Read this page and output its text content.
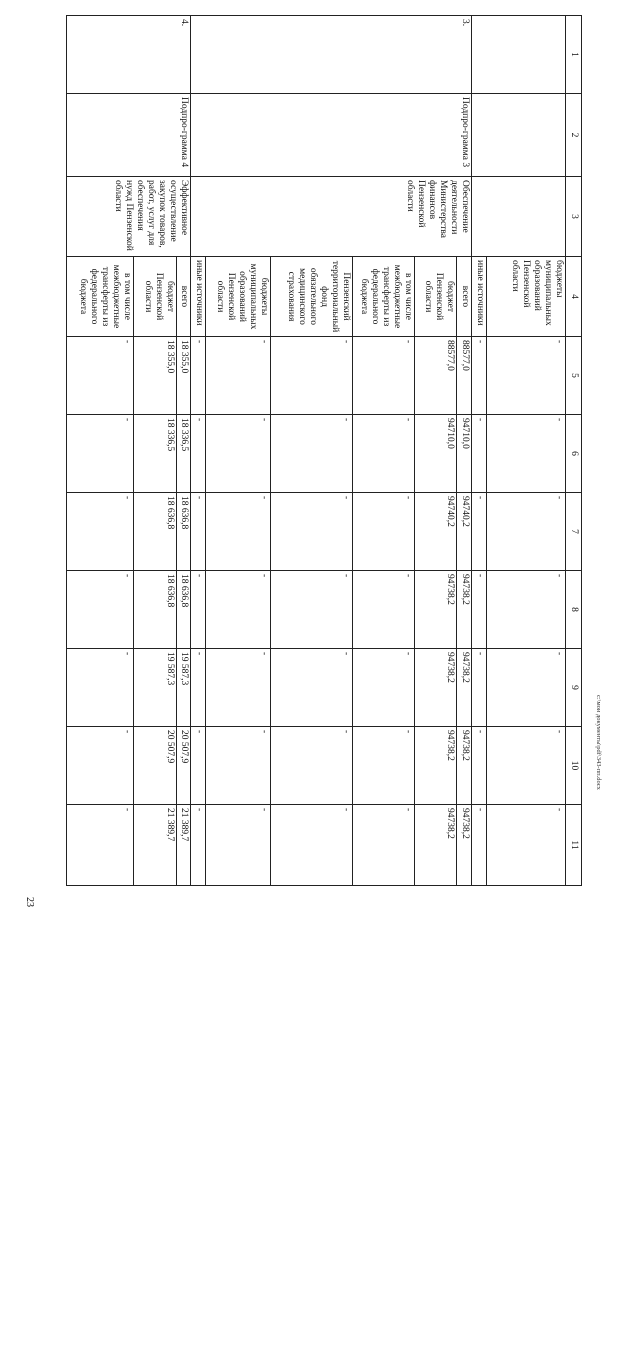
23
1	2	3	4	5	6	7	8	9	10	11
			бюджеты муниципальных образований Пензенской области	-	-	-	-	-	-	-
			иные источники	-	-	-	-	-	-	-
3.	Подпро-грамма 3	Обеспечение деятельности Министерства финансов Пензенской области	всего	88577,0	94710,0	94740,2	94738,2	94738,2	94738,2	94738,2
			бюджет Пензенской области	88577,0	94710,0	94740,2	94738,2	94738,2	94738,2	94738,2
			в том числе межбюджетные трансферты из федерального бюджета	-	-	-	-	-	-	-
			Пензенский территориальный фонд обязательного медицинского страхования	-	-	-	-	-	-	-
			бюджеты муниципальных образований Пензенской области	-	-	-	-	-	-	-
			иные источники	-	-	-	-	-	-	-
4.	Подпро-грамма 4	Эффективное осуществление закупок товаров, работ, услуг для обеспечения нужд Пензенской области	всего	18 355,0	18 336,5	18 636,8	18 636,8	19 587,3	20 507,9	21 389,7
			бюджет Пензенской области	18 355,0	18 336,5	18 636,8	18 636,8	19 587,3	20 507,9	21 389,7
			в том числе межбюджетные трансферты из федерального бюджета	-	-	-	-	-	-	-
c:\мои документы\pdf\343-пп.docx
